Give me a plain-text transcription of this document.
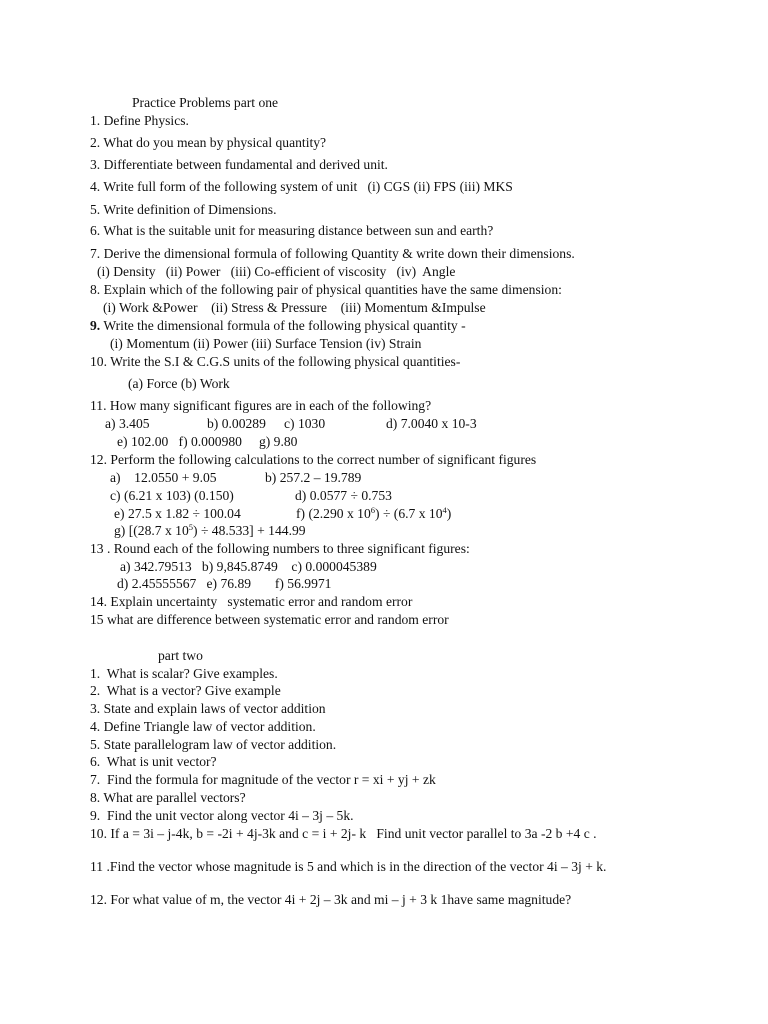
Practice Problems part one
1. Define Physics.
2. What do you mean by physical quantity?
3. Differentiate between fundamental and derived unit.
4. Write full form of the following system of unit   (i) CGS (ii) FPS (iii) MKS
5. Write definition of Dimensions.
6. What is the suitable unit for measuring distance between sun and earth?
7. Derive the dimensional formula of following Quantity & write down their dimensions.
(i) Density   (ii) Power   (iii) Co-efficient of viscosity   (iv)  Angle
8. Explain which of the following pair of physical quantities have the same dimension:
(i) Work &Power    (ii) Stress & Pressure    (iii) Momentum &Impulse
9. Write the dimensional formula of the following physical quantity -
(i) Momentum (ii) Power (iii) Surface Tension (iv) Strain
10. Write the S.I & C.G.S units of the following physical quantities-
(a) Force (b) Work
11. How many significant figures are in each of the following?
a) 3.405	b) 0.00289 c) 1030	d) 7.0040 x 10-3
e) 102.00   f) 0.000980     g) 9.80
12. Perform the following calculations to the correct number of significant figures
a)    12.0550 + 9.05	b) 257.2 – 19.789
c) (6.21 x 103) (0.150)	d) 0.0577 ÷ 0.753
e) 27.5 x 1.82 ÷ 100.04	f) (2.290 x $10^6) \div (6.7$ x $10^4$)
g) [(28.7 x $10^5) \div 48.533] + 144.99$
13 . Round each of the following numbers to three significant figures:
a) 342.79513   b) 9,845.8749    c) 0.000045389
d) 2.45555567   e) 76.89       f) 56.9971
14. Explain uncertainty   systematic error and random error
15 what are difference between systematic error and random error
part two
1.  What is scalar? Give examples.
2.  What is a vector? Give example
3. State and explain laws of vector addition
4. Define Triangle law of vector addition.
5. State parallelogram law of vector addition.
6.  What is unit vector?
7.  Find the formula for magnitude of the vector r = xi + yj + zk
8. What are parallel vectors?
9.  Find the unit vector along vector 4i – 3j – 5k.
10. If a = 3i – j-4k, b = -2i + 4j-3k and c = i + 2j- k   Find unit vector parallel to 3a -2 b +4 c .
11 .Find the vector whose magnitude is 5 and which is in the direction of the vector 4i – 3j + k.
12. For what value of m, the vector 4i + 2j – 3k and mi – j + 3 k 1have same magnitude?
